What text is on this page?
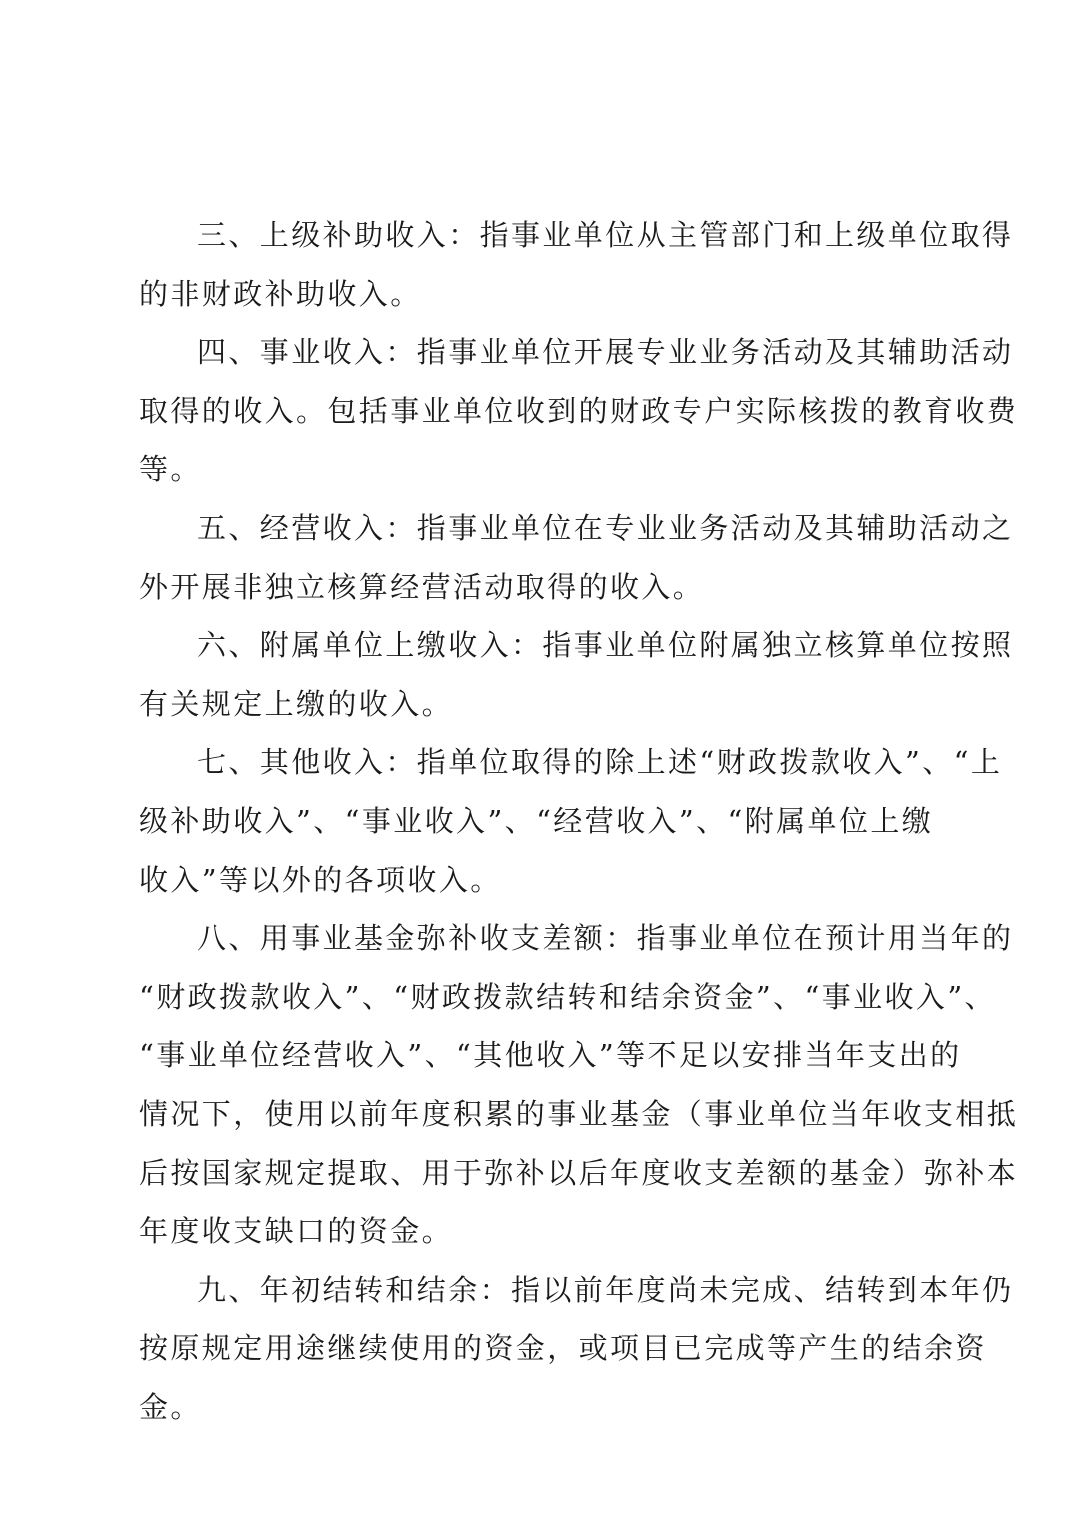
三、上级补助收入：指事业单位从主管部门和上级单位取得
的非财政补助收入。
四、事业收入：指事业单位开展专业业务活动及其辅助活动
取得的收入。包括事业单位收到的财政专户实际核拨的教育收费
等。
五、经营收入：指事业单位在专业业务活动及其辅助活动之
外开展非独立核算经营活动取得的收入。
六、附属单位上缴收入：指事业单位附属独立核算单位按照
有关规定上缴的收入。
七、其他收入：指单位取得的除上述“财政拨款收入”、“上
级补助收入”、“事业收入”、“经营收入”、“附属单位上缴
收入”等以外的各项收入。
八、用事业基金弥补收支差额：指事业单位在预计用当年的
“财政拨款收入”、“财政拨款结转和结余资金”、“事业收入”、
“事业单位经营收入”、“其他收入”等不足以安排当年支出的
情况下，使用以前年度积累的事业基金（事业单位当年收支相抵
后按国家规定提取、用于弥补以后年度收支差额的基金）弥补本
年度收支缺口的资金。
九、年初结转和结余：指以前年度尚未完成、结转到本年仍
按原规定用途继续使用的资金，或项目已完成等产生的结余资
金。
